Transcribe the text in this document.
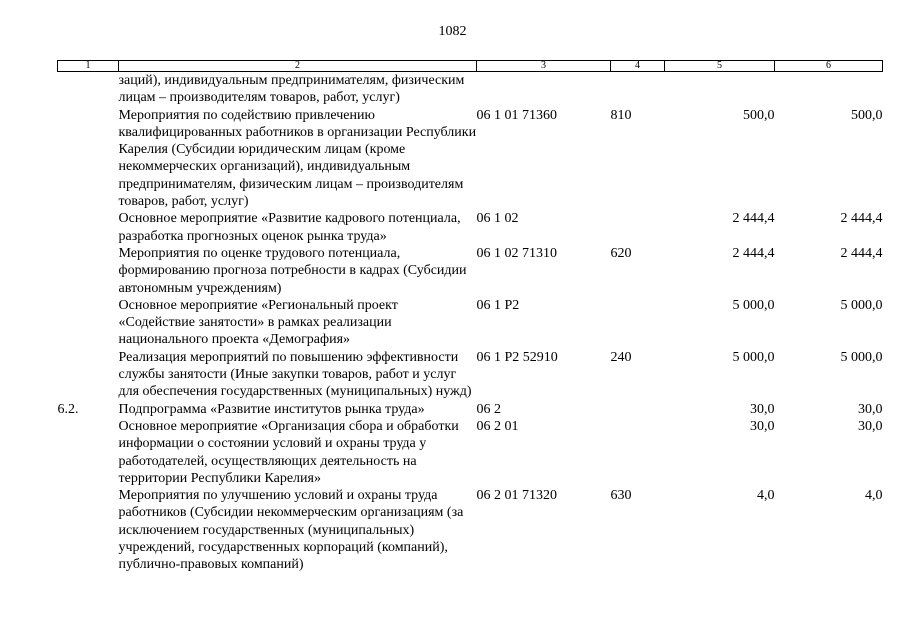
1082
1	2	3	4	5	6
	заций), индивидуальным предпринимателям, физическим лицам – производителям товаров, работ, услуг)				
	Мероприятия по содействию привлечению квалифицированных работников в организации Республики Карелия (Субсидии юридическим лицам (кроме некоммерческих организаций), индивидуальным предпринимателям, физическим лицам – производителям товаров, работ, услуг)	06 1 01 71360	810	500,0	500,0
	Основное мероприятие «Развитие кадрового потенциала, разработка прогнозных оценок рынка труда»	06 1 02		2 444,4	2 444,4
	Мероприятия по оценке трудового потенциала, формированию прогноза потребности в кадрах (Субсидии автономным учреждениям)	06 1 02 71310	620	2 444,4	2 444,4
	Основное мероприятие «Региональный проект «Содействие занятости» в рамках реализации национального проекта «Демография»	06 1 P2		5 000,0	5 000,0
	Реализация мероприятий по повышению эффективности службы занятости (Иные закупки товаров, работ и услуг для обеспечения государственных (муниципальных) нужд)	06 1 P2 52910	240	5 000,0	5 000,0
6.2.	Подпрограмма «Развитие институтов рынка труда»	06 2		30,0	30,0
	Основное мероприятие «Организация сбора и обработки информации о состоянии условий и охраны труда у работодателей, осуществляющих деятельность на территории Республики Карелия»	06 2 01		30,0	30,0
	Мероприятия по улучшению условий и охраны труда работников (Субсидии некоммерческим организациям (за исключением государственных (муниципальных) учреждений, государственных корпораций (компаний), публично-правовых компаний)	06 2 01 71320	630	4,0	4,0
